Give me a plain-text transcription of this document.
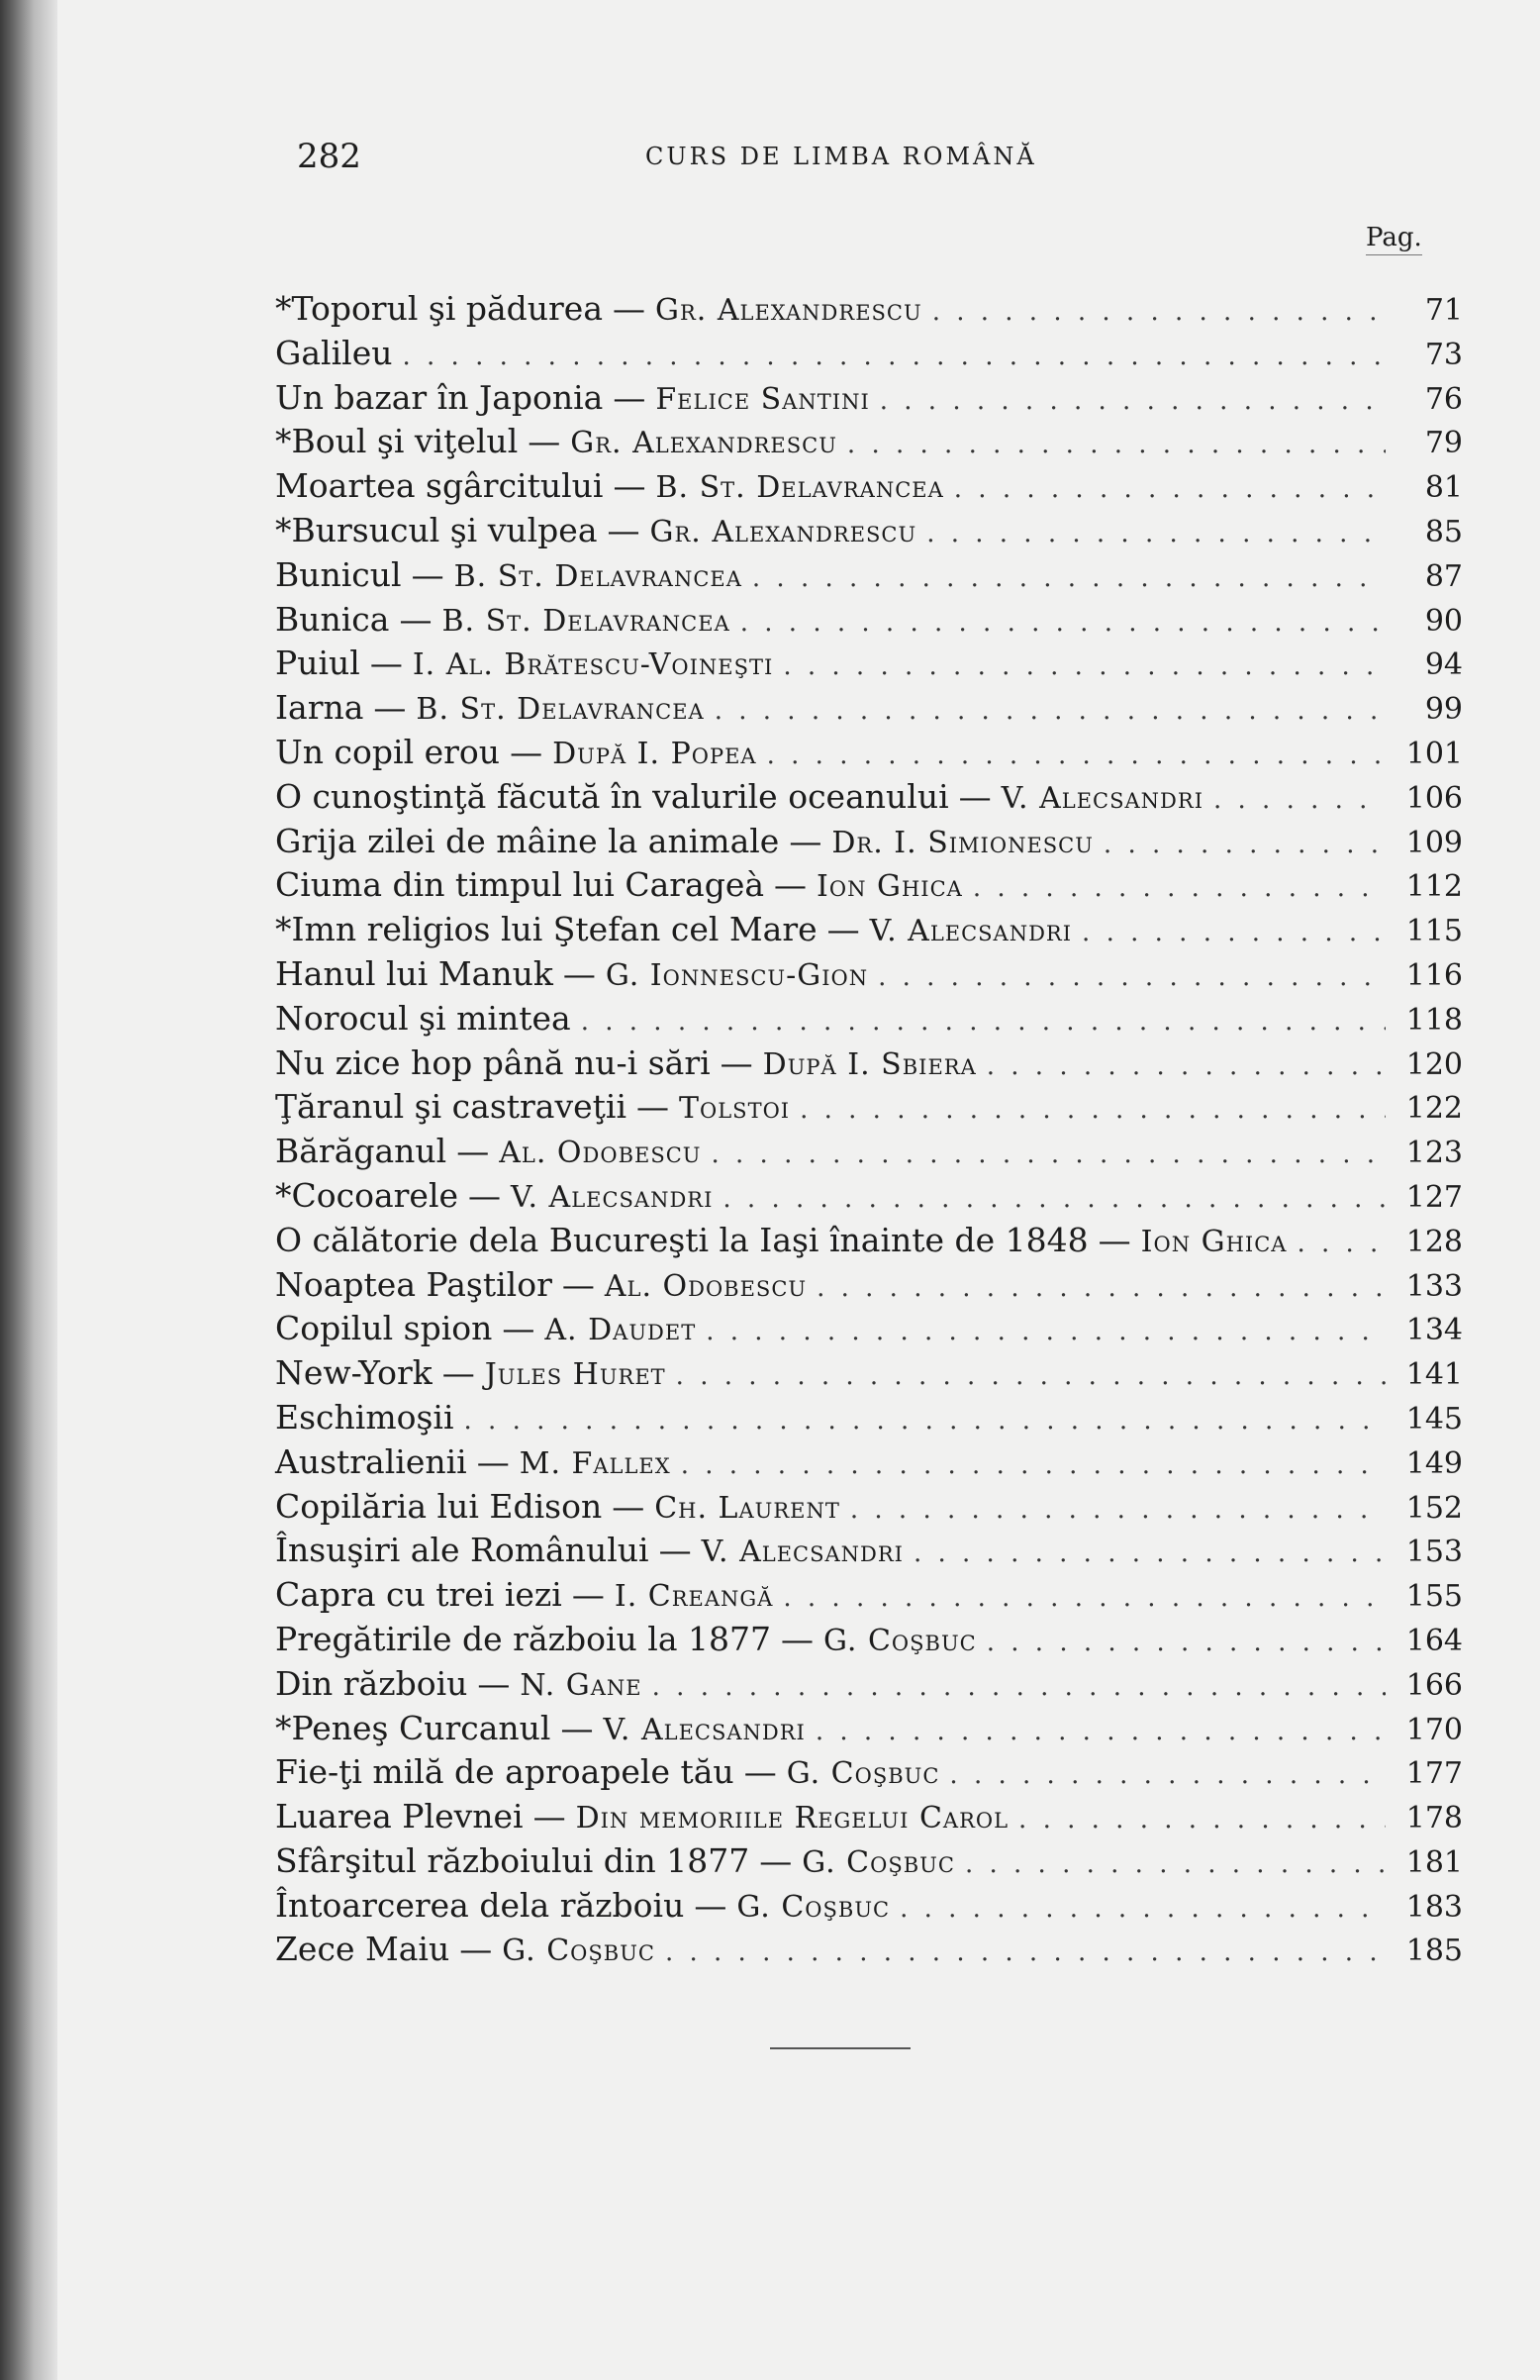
282	CURS DE LIMBA ROMÂNĂ
Pag.
*Toporul şi pădurea — Gr. Alexandrescu . . .	71
Galileu . . .	73
Un bazar în Japonia — Felice Santini . . .	76
*Boul şi viţelul — Gr. Alexandrescu . . .	79
Moartea sgârcitului — B. St. Delavrancea . . .	81
*Bursucul şi vulpea — Gr. Alexandrescu . . .	85
Bunicul — B. St. Delavrancea . . .	87
Bunica — B. St. Delavrancea . . .	90
Puiul — I. Al. Brătescu-Voineşti . . .	94
Iarna — B. St. Delavrancea . . .	99
Un copil erou — După I. Popea . . .	101
O cunoştinţă făcută în valurile oceanului — V. Alecsandri . . .	106
Grija zilei de mâine la animale — Dr. I. Simionescu . . .	109
Ciuma din timpul lui Carageà — Ion Ghica . . .	112
*Imn religios lui Ştefan cel Mare — V. Alecsandri . . .	115
Hanul lui Manuk — G. Ionnescu-Gion . . .	116
Norocul şi mintea . . .	118
Nu zice hop până nu-i sări — După I. Sbiera . . .	120
Ţăranul şi castraveţii — Tolstoi . . .	122
Bărăganul — Al. Odobescu . . .	123
*Cocoarele — V. Alecsandri . . .	127
O călătorie dela Bucureşti la Iaşi înainte de 1848 — Ion Ghica . . .	128
Noaptea Paştilor — Al. Odobescu . . .	133
Copilul spion — A. Daudet . . .	134
New-York — Jules Huret . . .	141
Eschimoşii . . .	145
Australienii — M. Fallex . . .	149
Copilăria lui Edison — Ch. Laurent . . .	152
Însuşiri ale Românului — V. Alecsandri . . .	153
Capra cu trei iezi — I. Creangă . . .	155
Pregătirile de războiu la 1877 — G. Coşbuc . . .	164
Din războiu — N. Gane . . .	166
*Peneş Curcanul — V. Alecsandri . . .	170
Fie-ţi milă de aproapele tău — G. Coşbuc . . .	177
Luarea Plevnei — Din memoriile Regelui Carol . . .	178
Sfârşitul războiului din 1877 — G. Coşbuc . . .	181
Întoarcerea dela războiu — G. Coşbuc . . .	183
Zece Maiu — G. Coşbuc . . .	185
